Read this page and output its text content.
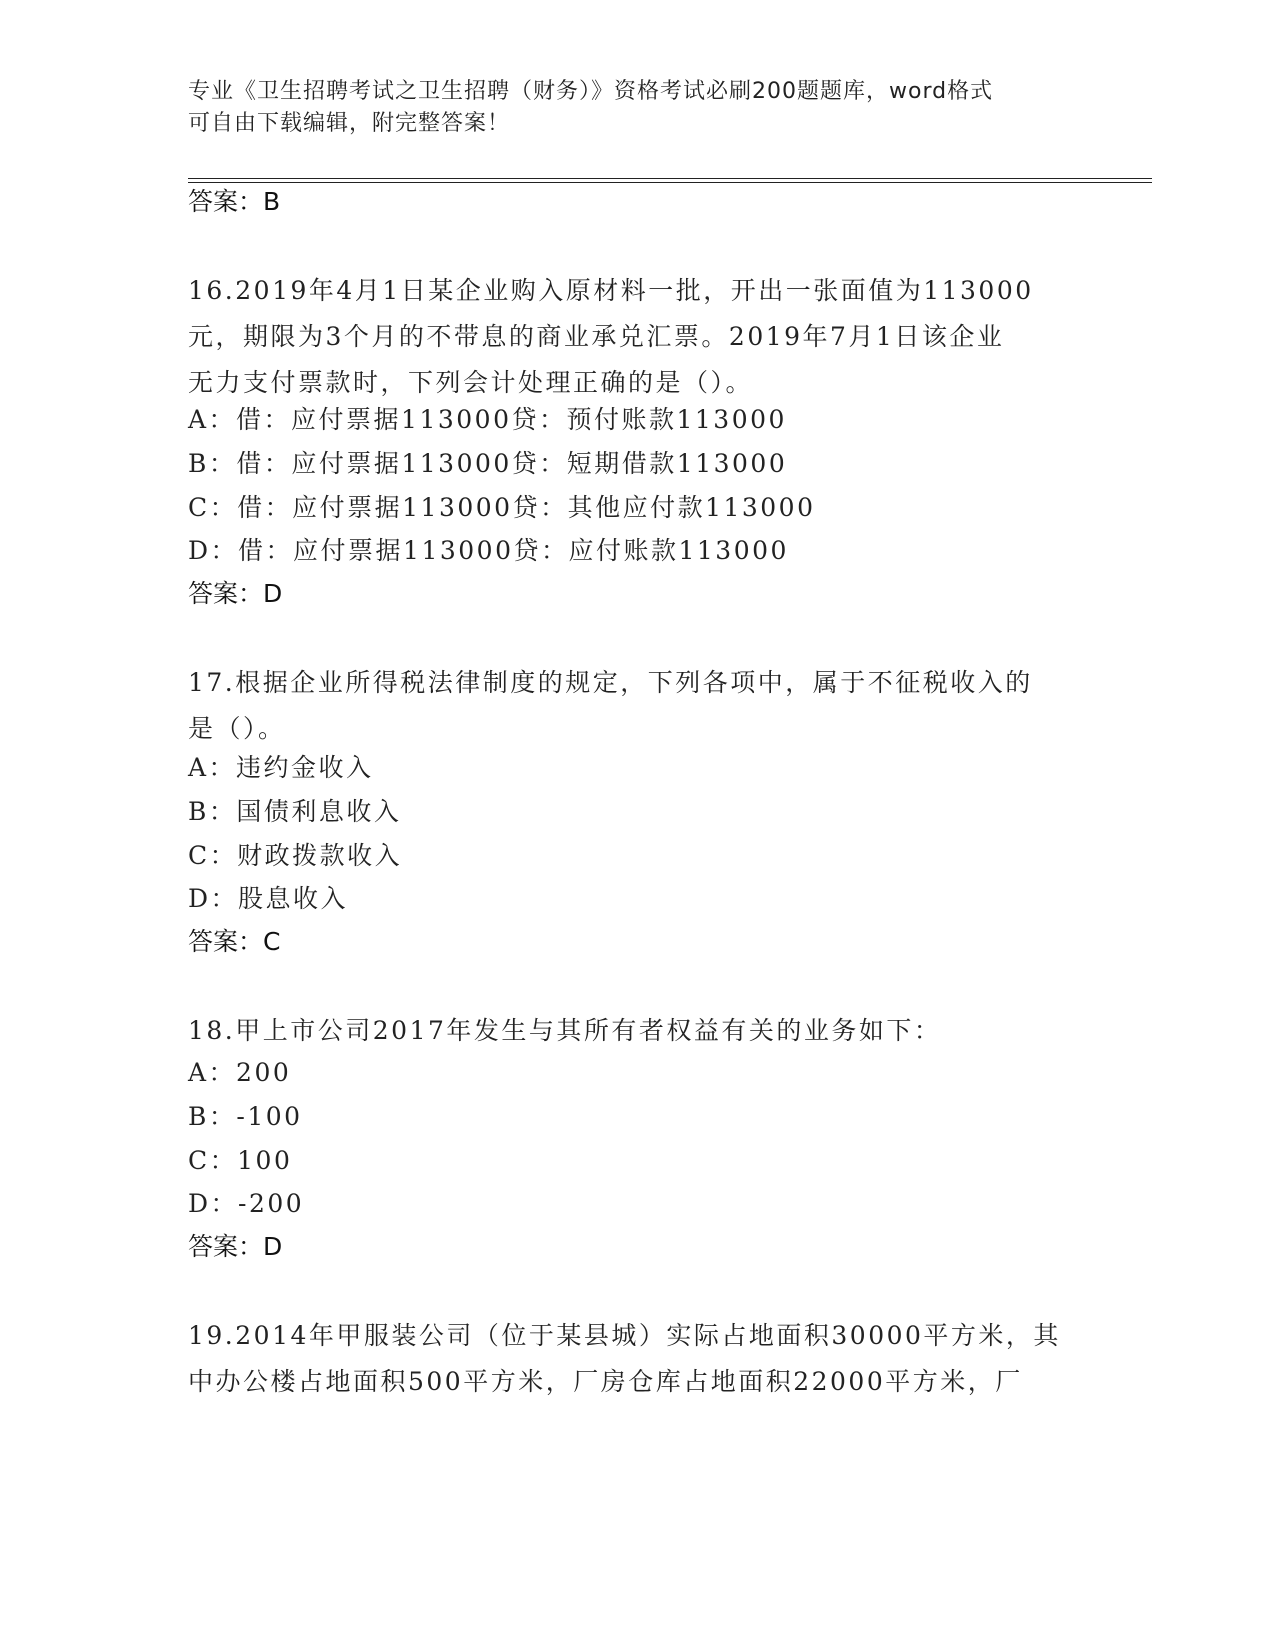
专业《卫生招聘考试之卫生招聘（财务）》资格考试必刷200题题库，word格式
可自由下载编辑，附完整答案！
答案：B
16.2019年4月1日某企业购入原材料一批，开出一张面值为113000
元，期限为3个月的不带息的商业承兑汇票。2019年7月1日该企业
无力支付票款时，下列会计处理正确的是（）。
A：借：应付票据113000贷：预付账款113000
B：借：应付票据113000贷：短期借款113000
C：借：应付票据113000贷：其他应付款113000
D：借：应付票据113000贷：应付账款113000
答案：D
17.根据企业所得税法律制度的规定，下列各项中，属于不征税收入的
是（）。
A：违约金收入
B：国债利息收入
C：财政拨款收入
D：股息收入
答案：C
18.甲上市公司2017年发生与其所有者权益有关的业务如下：
A：200
B：-100
C：100
D：-200
答案：D
19.2014年甲服装公司（位于某县城）实际占地面积30000平方米，其
中办公楼占地面积500平方米，厂房仓库占地面积22000平方米，厂
